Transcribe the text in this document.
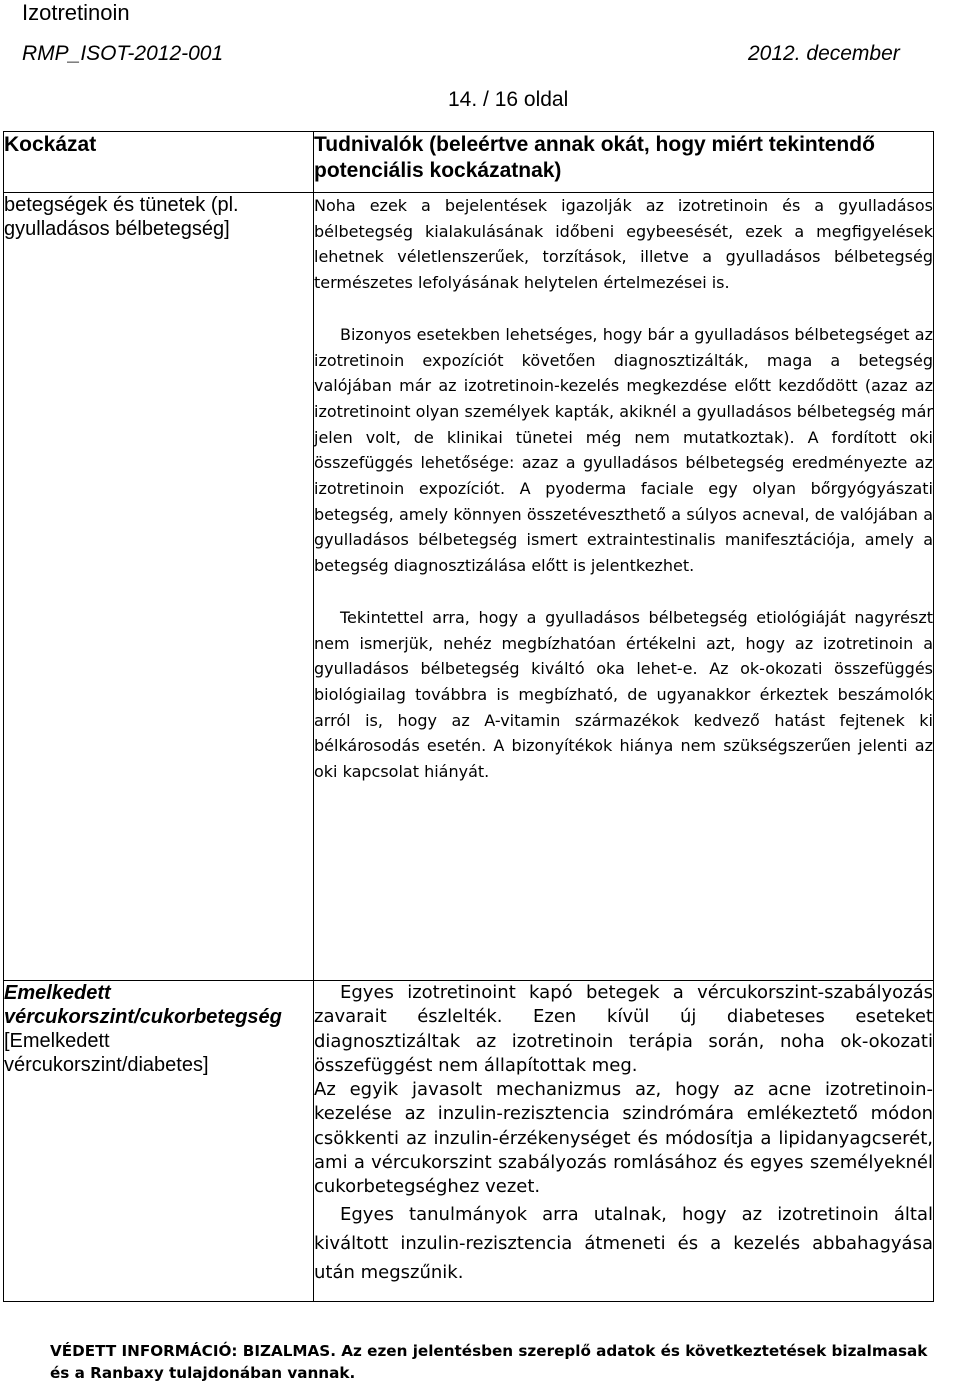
Izotretinoin
RMP_ISOT-2012-001	2012. december
14. / 16 oldal
Kockázat	Tudnivalók (beleértve annak okát, hogy miért tekintendő potenciális kockázatnak)
betegségek és tünetek (pl. gyulladásos bélbetegség]	Noha ezek a bejelentések igazolják az izotretinoin és a gyulladásos bélbetegség kialakulásának időbeni egybeesését, ezek a megfigyelések lehetnek véletlenszerűek, torzítások, illetve a gyulladásos bélbetegség természetes lefolyásának helytelen értelmezései is.

Bizonyos esetekben lehetséges, hogy bár a gyulladásos bélbetegséget az izotretinoin expozíciót követően diagnosztizálták, maga a betegség valójában már az izotretinoin-kezelés megkezdése előtt kezdődött (azaz az izotretinoint olyan személyek kapták, akiknél a gyulladásos bélbetegség már jelen volt, de klinikai tünetei még nem mutatkoztak). A fordított oki összefüggés lehetősége: azaz a gyulladásos bélbetegség eredményezte az izotretinoin expozíciót. A pyoderma faciale egy olyan bőrgyógyászati betegség, amely könnyen összetéveszthető a súlyos acneval, de valójában a gyulladásos bélbetegség ismert extraintestinalis manifesztációja, amely a betegség diagnosztizálása előtt is jelentkezhet.

Tekintettel arra, hogy a gyulladásos bélbetegség etiológiáját nagyrészt nem ismerjük, nehéz megbízhatóan értékelni azt, hogy az izotretinoin a gyulladásos bélbetegség kiváltó oka lehet-e. Az ok-okozati összefüggés biológiailag továbbra is megbízható, de ugyanakkor érkeztek beszámolók arról is, hogy az A-vitamin származékok kedvező hatást fejtenek ki bélkárosodás esetén. A bizonyítékok hiánya nem szükségszerűen jelenti az oki kapcsolat hiányát.

Emelkedett vércukorszint/cukorbetegség [Emelkedett vércukorszint/diabetes]	Egyes izotretinoint kapó betegek a vércukorszint-szabályozás zavarait észlelték. Ezen kívül új diabeteses eseteket diagnosztizáltak az izotretinoin terápia során, noha ok-okozati összefüggést nem állapítottak meg.

Az egyik javasolt mechanizmus az, hogy az acne izotretinoin-kezelése az inzulin-rezisztencia szindrómára emlékeztető módon csökkenti az inzulin-érzékenységet és módosítja a lipidanyagcserét, ami a vércukorszint szabályozás romlásához és egyes személyeknél cukorbetegséghez vezet.

Egyes tanulmányok arra utalnak, hogy az izotretinoin által kiváltott inzulin-rezisztencia átmeneti és a kezelés abbahagyása után megszűnik.

VÉDETT INFORMÁCIÓ: BIZALMAS. Az ezen jelentésben szereplő adatok és következtetések bizalmasak és a Ranbaxy tulajdonában vannak.
